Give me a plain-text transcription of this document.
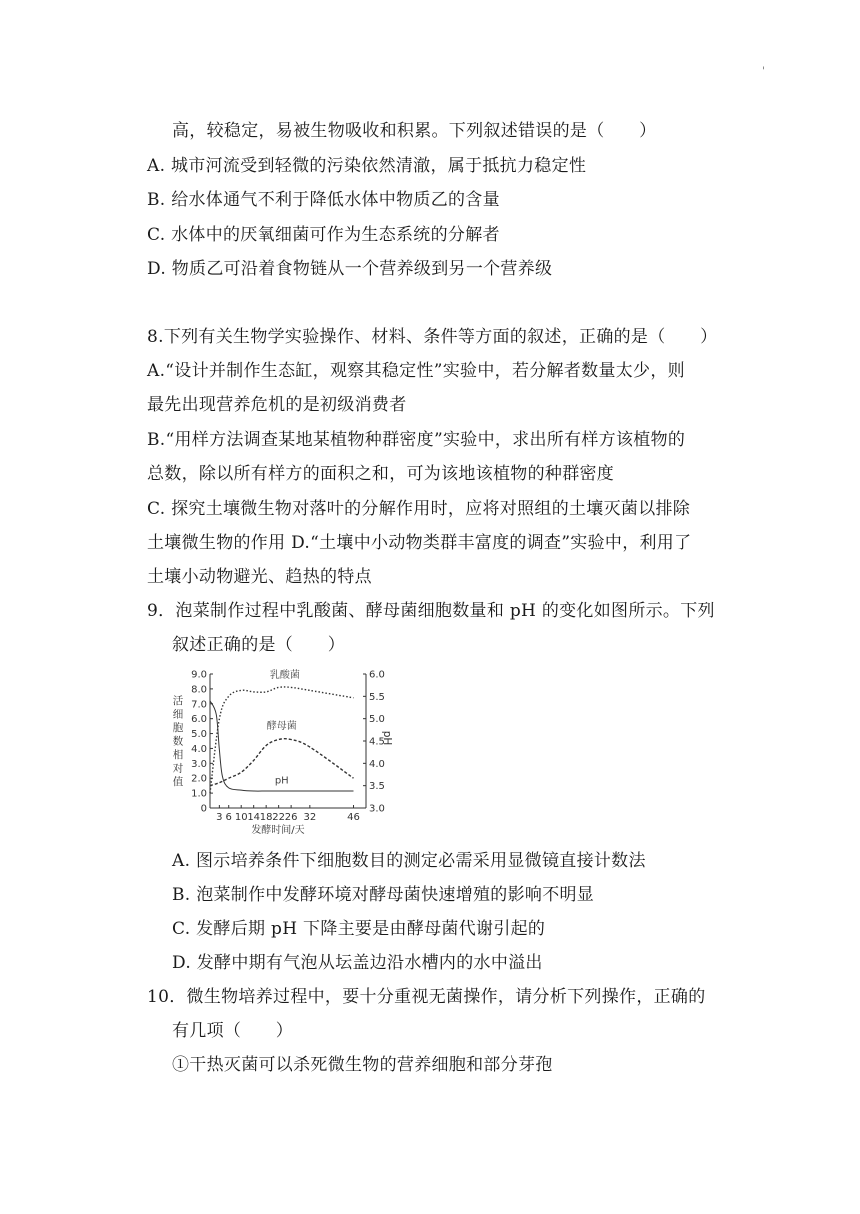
'
高，较稳定，易被生物吸收和积累。下列叙述错误的是（　　）
A. 城市河流受到轻微的污染依然清澈，属于抵抗力稳定性
B. 给水体通气不利于降低水体中物质乙的含量
C. 水体中的厌氧细菌可作为生态系统的分解者
D. 物质乙可沿着食物链从一个营养级到另一个营养级
8.下列有关生物学实验操作、材料、条件等方面的叙述，正确的是（　　）
A.“设计并制作生态缸，观察其稳定性”实验中，若分解者数量太少，则
最先出现营养危机的是初级消费者
B.“用样方法调查某地某植物种群密度”实验中，求出所有样方该植物的
总数，除以所有样方的面积之和，可为该地该植物的种群密度
C. 探究土壤微生物对落叶的分解作用时，应将对照组的土壤灭菌以排除
土壤微生物的作用 D.“土壤中小动物类群丰富度的调查”实验中，利用了
土壤小动物避光、趋热的特点
9．泡菜制作过程中乳酸菌、酵母菌细胞数量和 pH 的变化如图所示。下列
叙述正确的是（　　）
9.0
8.0
7.0
6.0
5.0
4.0
3.0
2.0
1.0
0
6.0
5.5
5.0
4.5
4.0
3.5
3.0
3 6 10 14 18 22 26 32	46
乳酸菌
酵母菌
pH
发酵时间/天
活
细
胞
数
相
对
值
pH
A. 图示培养条件下细胞数目的测定必需采用显微镜直接计数法
B. 泡菜制作中发酵环境对酵母菌快速增殖的影响不明显
C. 发酵后期 pH 下降主要是由酵母菌代谢引起的
D. 发酵中期有气泡从坛盖边沿水槽内的水中溢出
10．微生物培养过程中，要十分重视无菌操作，请分析下列操作，正确的
有几项（　　）
①干热灭菌可以杀死微生物的营养细胞和部分芽孢
